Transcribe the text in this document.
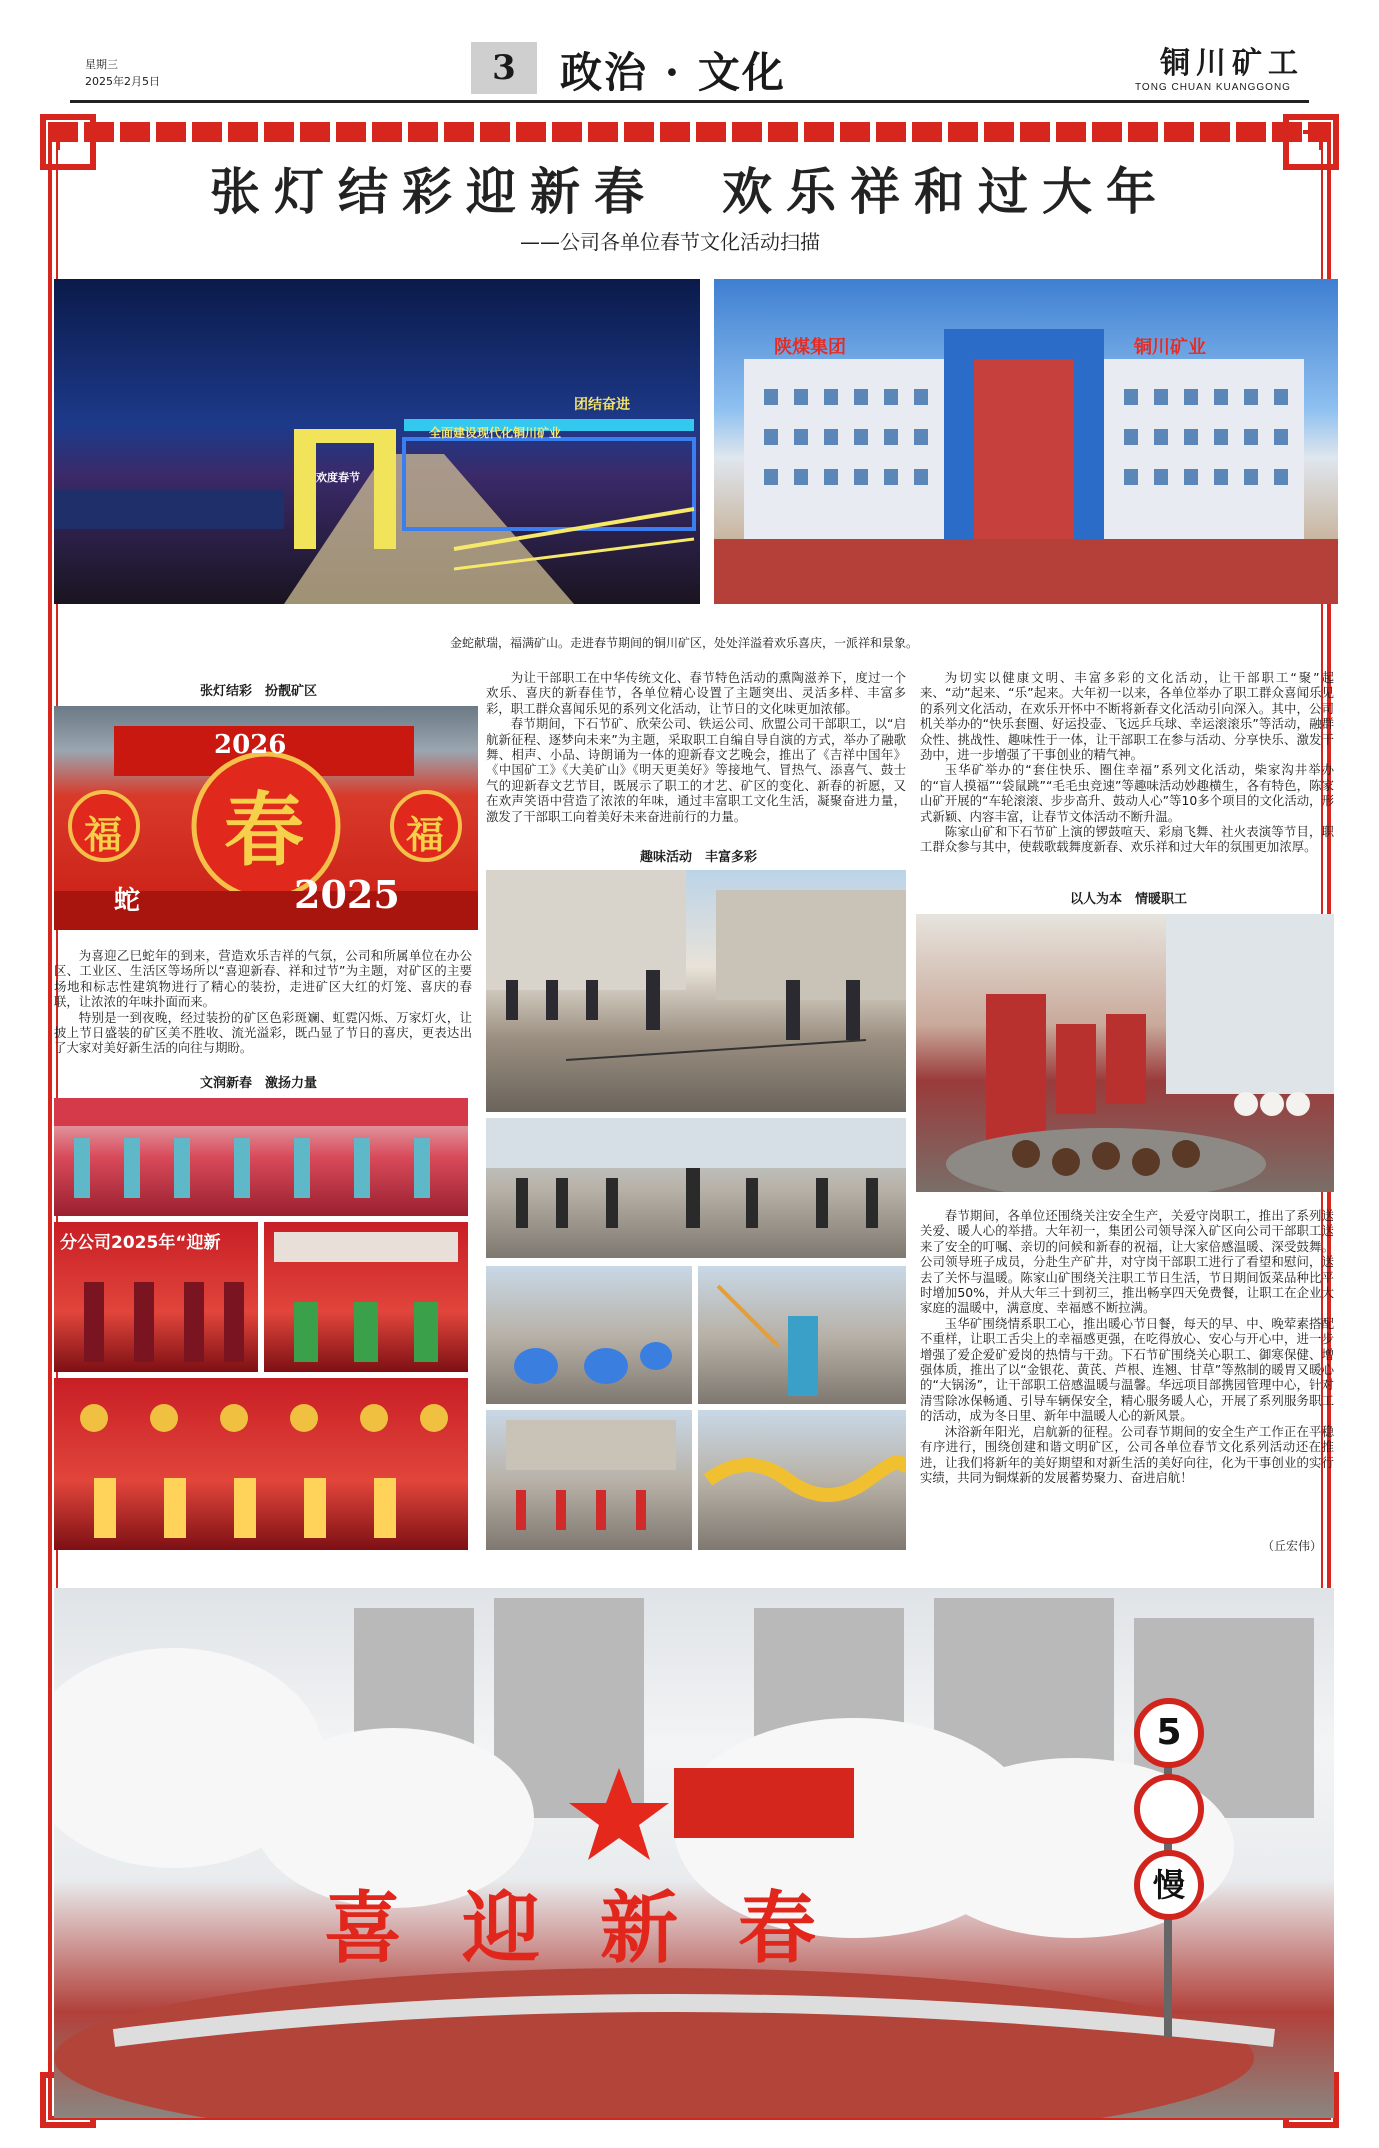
星期三
2025年2月5日	3	政治 · 文化	铜川矿工
TONG CHUAN KUANGGONG
张灯结彩迎新春　欢乐祥和过大年
——公司各单位春节文化活动扫描
全面建设现代化铜川矿业
团结奋进
欢度春节
陕煤集团	铜川矿业
金蛇献瑞，福满矿山。走进春节期间的铜川矿区，处处洋溢着欢乐喜庆，一派祥和景象。
张灯结彩　扮靓矿区
春
福	福
2026
2025
蛇

为喜迎乙巳蛇年的到来，营造欢乐吉祥的气氛，公司和所属单位在办公区、工业区、生活区等场所以“喜迎新春、祥和过节”为主题，对矿区的主要场地和标志性建筑物进行了精心的装扮，走进矿区大红的灯笼、喜庆的春联，让浓浓的年味扑面而来。

特别是一到夜晚，经过装扮的矿区色彩斑斓、虹霓闪烁、万家灯火，让披上节日盛装的矿区美不胜收、流光溢彩，既凸显了节日的喜庆，更表达出了大家对美好新生活的向往与期盼。

文润新春　激扬力量
分公司2025年“迎新

为让干部职工在中华传统文化、春节特色活动的熏陶滋养下，度过一个欢乐、喜庆的新春佳节，各单位精心设置了主题突出、灵活多样、丰富多彩，职工群众喜闻乐见的系列文化活动，让节日的文化味更加浓郁。

春节期间，下石节矿、欣荣公司、铁运公司、欣盟公司干部职工，以“启航新征程、逐梦向未来”为主题，采取职工自编自导自演的方式，举办了融歌舞、相声、小品、诗朗诵为一体的迎新春文艺晚会，推出了《吉祥中国年》《中国矿工》《大美矿山》《明天更美好》等接地气、冒热气、添喜气、鼓士气的迎新春文艺节目，既展示了职工的才艺、矿区的变化、新春的祈愿，又在欢声笑语中营造了浓浓的年味，通过丰富职工文化生活，凝聚奋进力量，激发了干部职工向着美好未来奋进前行的力量。

趣味活动　丰富多彩

为切实以健康文明、丰富多彩的文化活动，让干部职工“聚”起来、“动”起来、“乐”起来。大年初一以来，各单位举办了职工群众喜闻乐见的系列文化活动，在欢乐开怀中不断将新春文化活动引向深入。其中，公司机关举办的“快乐套圈、好运投壶、飞远乒乓球、幸运滚滚乐”等活动，融群众性、挑战性、趣味性于一体，让干部职工在参与活动、分享快乐、激发干劲中，进一步增强了干事创业的精气神。

玉华矿举办的“套住快乐、圈住幸福”系列文化活动，柴家沟井举办的“盲人摸福”“袋鼠跳”“毛毛虫竞速”等趣味活动妙趣横生，各有特色，陈家山矿开展的“车轮滚滚、步步高升、鼓动人心”等10多个项目的文化活动，形式新颖、内容丰富，让春节文体活动不断升温。

陈家山矿和下石节矿上演的锣鼓喧天、彩扇飞舞、社火表演等节目，职工群众参与其中，使载歌载舞度新春、欢乐祥和过大年的氛围更加浓厚。

以人为本　情暖职工

春节期间，各单位还围绕关注安全生产，关爱守岗职工，推出了系列送关爱、暖人心的举措。大年初一，集团公司领导深入矿区向公司干部职工送来了安全的叮嘱、亲切的问候和新春的祝福，让大家倍感温暖、深受鼓舞。公司领导班子成员，分赴生产矿井，对守岗干部职工进行了看望和慰问，送去了关怀与温暖。陈家山矿围绕关注职工节日生活，节日期间饭菜品种比平时增加50%，并从大年三十到初三，推出畅享四天免费餐，让职工在企业大家庭的温暖中，满意度、幸福感不断拉满。

玉华矿围绕情系职工心，推出暖心节日餐，每天的早、中、晚荤素搭配不重样，让职工舌尖上的幸福感更强，在吃得放心、安心与开心中，进一步增强了爱企爱矿爱岗的热情与干劲。下石节矿围绕关心职工、御寒保健、增强体质，推出了以“金银花、黄芪、芦根、连翘、甘草”等熬制的暖胃又暖心的“大锅汤”，让干部职工倍感温暖与温馨。华远项目部携园管理中心，针对清雪除冰保畅通、引导车辆保安全，精心服务暖人心，开展了系列服务职工的活动，成为冬日里、新年中温暖人心的新风景。

沐浴新年阳光，启航新的征程。公司春节期间的安全生产工作正在平稳有序进行，围绕创建和谐文明矿区，公司各单位春节文化系列活动还在推进，让我们将新年的美好期望和对新生活的美好向往，化为干事创业的实行实绩，共同为铜煤新的发展蓄势聚力、奋进启航！

（丘宏伟）
喜迎新春
5
慢
